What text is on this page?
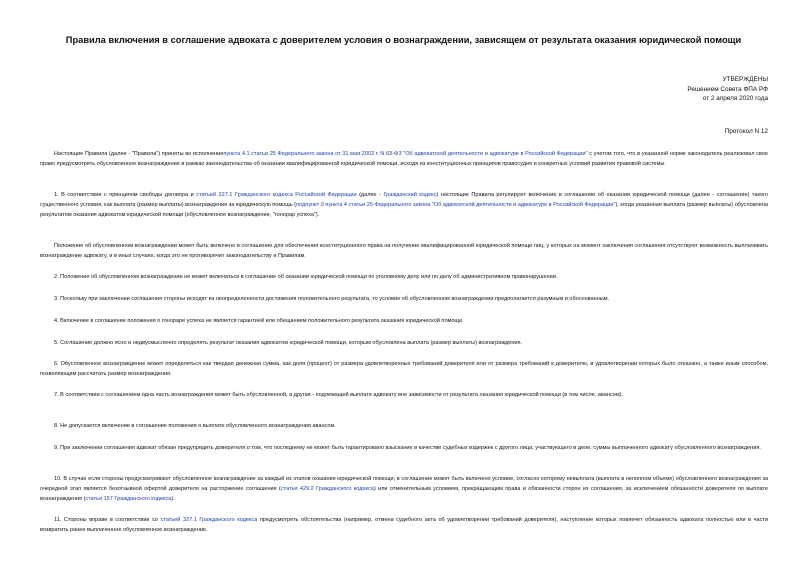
Правила включения в соглашение адвоката с доверителем условия о вознаграждении, зависящем от результата оказания юридической помощи
УТВЕРЖДЕНЫ
Решением Совета ФПА РФ
от 2 апреля 2020 года
Протокол N 12

Настоящие Правила (далее - "Правила") приняты во исполнениепункта 4.1 статьи 25 Федерального закона от 31 мая 2002 г. N 63-ФЗ "Об адвокатской деятельности и адвокатуре в Российской Федерации" с учетом того, что в указанной норме законодатель реализовал свое право предусмотреть обусловленное вознаграждение в рамках законодательства об оказании квалифицированной юридической помощи, исходя из конституционных принципов правосудия и конкретных условий развития правовой системы.

1. В соответствии с принципом свободы договора и статьей 327.1 Гражданского кодекса Российской Федерации (далее - Гражданский кодекс) настоящие Правила регулируют включение в соглашение об оказании юридической помощи (далее - соглашение) такого существенного условия, как выплата (размер выплаты) вознаграждения за юридическую помощь (подпункт 3 пункта 4 статьи 25 Федерального закона "Об адвокатской деятельности и адвокатуре в Российской Федерации"), когда указанная выплата (размер выплаты) обусловлена результатом оказания адвокатом юридической помощи (обусловленное вознаграждение, "гонорар успеха").

Положение об обусловленном вознаграждении может быть включено в соглашение для обеспечения конституционного права на получение квалифицированной юридической помощи лиц, у которых на момент заключения соглашения отсутствуют возможность выплачивать вознаграждение адвокату, и в иных случаях, когда это не противоречит законодательству и Правилам.

2. Положение об обусловленном вознаграждении не может включаться в соглашение об оказании юридической помощи по уголовному делу или по делу об административном правонарушении.

3. Поскольку при заключении соглашения стороны исходят из неопределенности достижения положительного результата, то условие об обусловленном вознаграждении предполагается разумным и обоснованным.

4. Включение в соглашение положения о гонораре успеха не является гарантией или обещанием положительного результата оказания юридической помощи.

5. Соглашение должно ясно и недвусмысленно определять результат оказания адвокатом юридической помощи, которым обусловлена выплата (размер выплаты) вознаграждения.

6. Обусловленное вознаграждение может определяться как твердая денежная сумма, как доля (процент) от размера удовлетворенных требований доверителя или от размера требований к доверителю, в удовлетворении которых было отказано, а также иным способом, позволяющим рассчитать размер вознаграждения.

7. В соответствии с соглашением одна часть вознаграждения может быть обусловленной, а другая - подлежащей выплате адвокату вне зависимости от результата оказания юридической помощи (в том числе, авансом).

8. Не допускается включение в соглашение положения о выплате обусловленного вознаграждения авансом.

9. При заключении соглашения адвокат обязан предупредить доверителя о том, что последнему не может быть гарантировано взыскание в качестве судебных издержек с другого лица, участвующего в деле, суммы выплаченного адвокату обусловленного вознаграждения.

10. В случае если стороны предусматривают обусловленное вознаграждение за каждый из этапов оказания юридической помощи, в соглашение может быть включено условие, согласно которому невыплата (выплата в неполном объеме) обусловленного вознаграждения за очередной этап является безотзывной офертой доверителя на расторжение соглашения (статья 429.2 Гражданского кодекса) или отменительным условием, прекращающим права и обязанности сторон из соглашения, за исключением обязанности доверителя по выплате вознаграждения (статья 157 Гражданского кодекса).

11. Стороны вправе в соответствии со статьей 327.1 Гражданского кодекса предусмотреть обстоятельства (например, отмена судебного акта об удовлетворении требований доверителя), наступление которых повлечет обязанность адвоката полностью или в части возвратить ранее выплаченное обусловленное вознаграждение.
